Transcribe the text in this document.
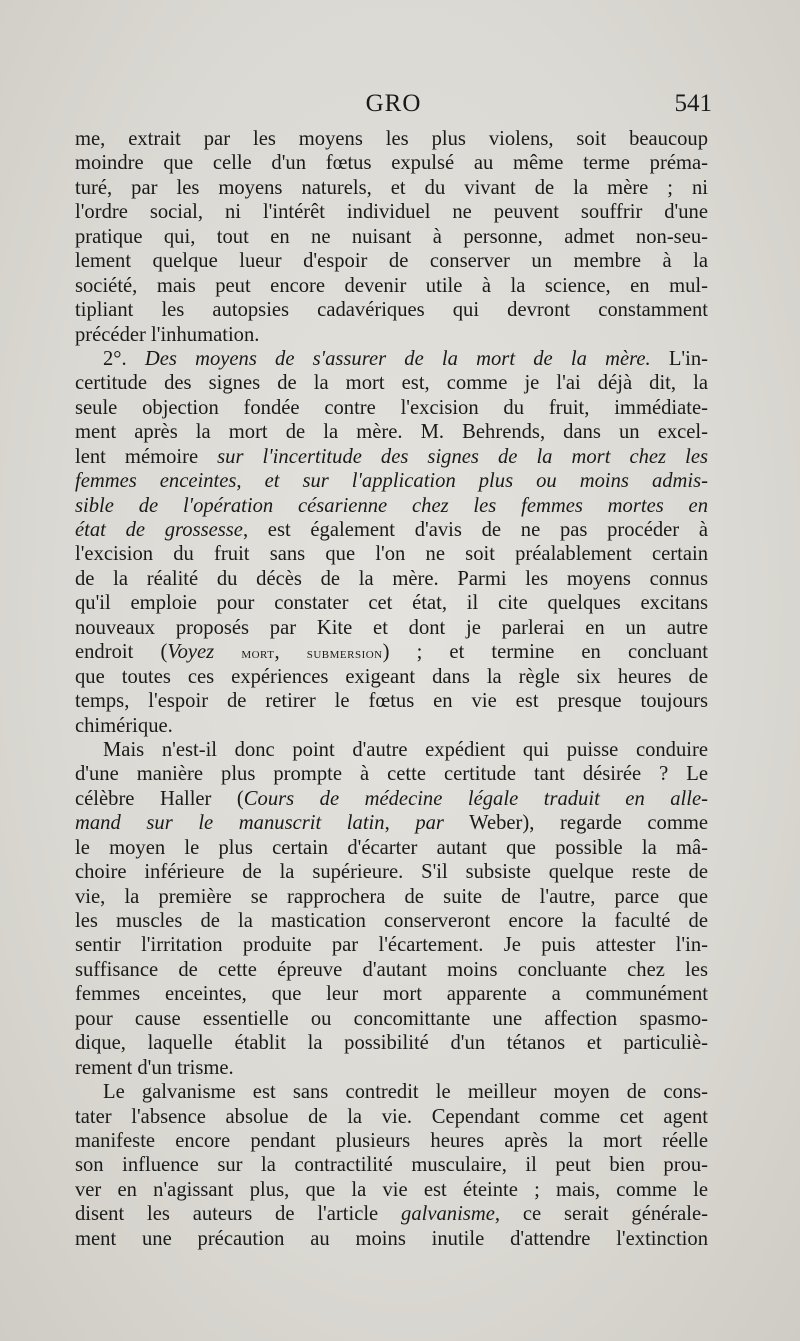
GRO	541
me, extrait par les moyens les plus violens, soit beaucoup
moindre que celle d'un fœtus expulsé au même terme préma-
turé, par les moyens naturels, et du vivant de la mère ; ni
l'ordre social, ni l'intérêt individuel ne peuvent souffrir d'une
pratique qui, tout en ne nuisant à personne, admet non-seu-
lement quelque lueur d'espoir de conserver un membre à la
société, mais peut encore devenir utile à la science, en mul-
tipliant les autopsies cadavériques qui devront constamment
précéder l'inhumation.
2°. Des moyens de s'assurer de la mort de la mère. L'in-
certitude des signes de la mort est, comme je l'ai déjà dit, la
seule objection fondée contre l'excision du fruit, immédiate-
ment après la mort de la mère. M. Behrends, dans un excel-
lent mémoire sur l'incertitude des signes de la mort chez les
femmes enceintes, et sur l'application plus ou moins admis-
sible de l'opération césarienne chez les femmes mortes en
état de grossesse, est également d'avis de ne pas procéder à
l'excision du fruit sans que l'on ne soit préalablement certain
de la réalité du décès de la mère. Parmi les moyens connus
qu'il emploie pour constater cet état, il cite quelques excitans
nouveaux proposés par Kite et dont je parlerai en un autre
endroit (Voyez mort, submersion) ; et termine en concluant
que toutes ces expériences exigeant dans la règle six heures de
temps, l'espoir de retirer le fœtus en vie est presque toujours
chimérique.
Mais n'est-il donc point d'autre expédient qui puisse conduire
d'une manière plus prompte à cette certitude tant désirée ? Le
célèbre Haller (Cours de médecine légale traduit en alle-
mand sur le manuscrit latin, par Weber), regarde comme
le moyen le plus certain d'écarter autant que possible la mâ-
choire inférieure de la supérieure. S'il subsiste quelque reste de
vie, la première se rapprochera de suite de l'autre, parce que
les muscles de la mastication conserveront encore la faculté de
sentir l'irritation produite par l'écartement. Je puis attester l'in-
suffisance de cette épreuve d'autant moins concluante chez les
femmes enceintes, que leur mort apparente a communément
pour cause essentielle ou concomittante une affection spasmo-
dique, laquelle établit la possibilité d'un tétanos et particuliè-
rement d'un trisme.
Le galvanisme est sans contredit le meilleur moyen de cons-
tater l'absence absolue de la vie. Cependant comme cet agent
manifeste encore pendant plusieurs heures après la mort réelle
son influence sur la contractilité musculaire, il peut bien prou-
ver en n'agissant plus, que la vie est éteinte ; mais, comme le
disent les auteurs de l'article galvanisme, ce serait générale-
ment une précaution au moins inutile d'attendre l'extinction
